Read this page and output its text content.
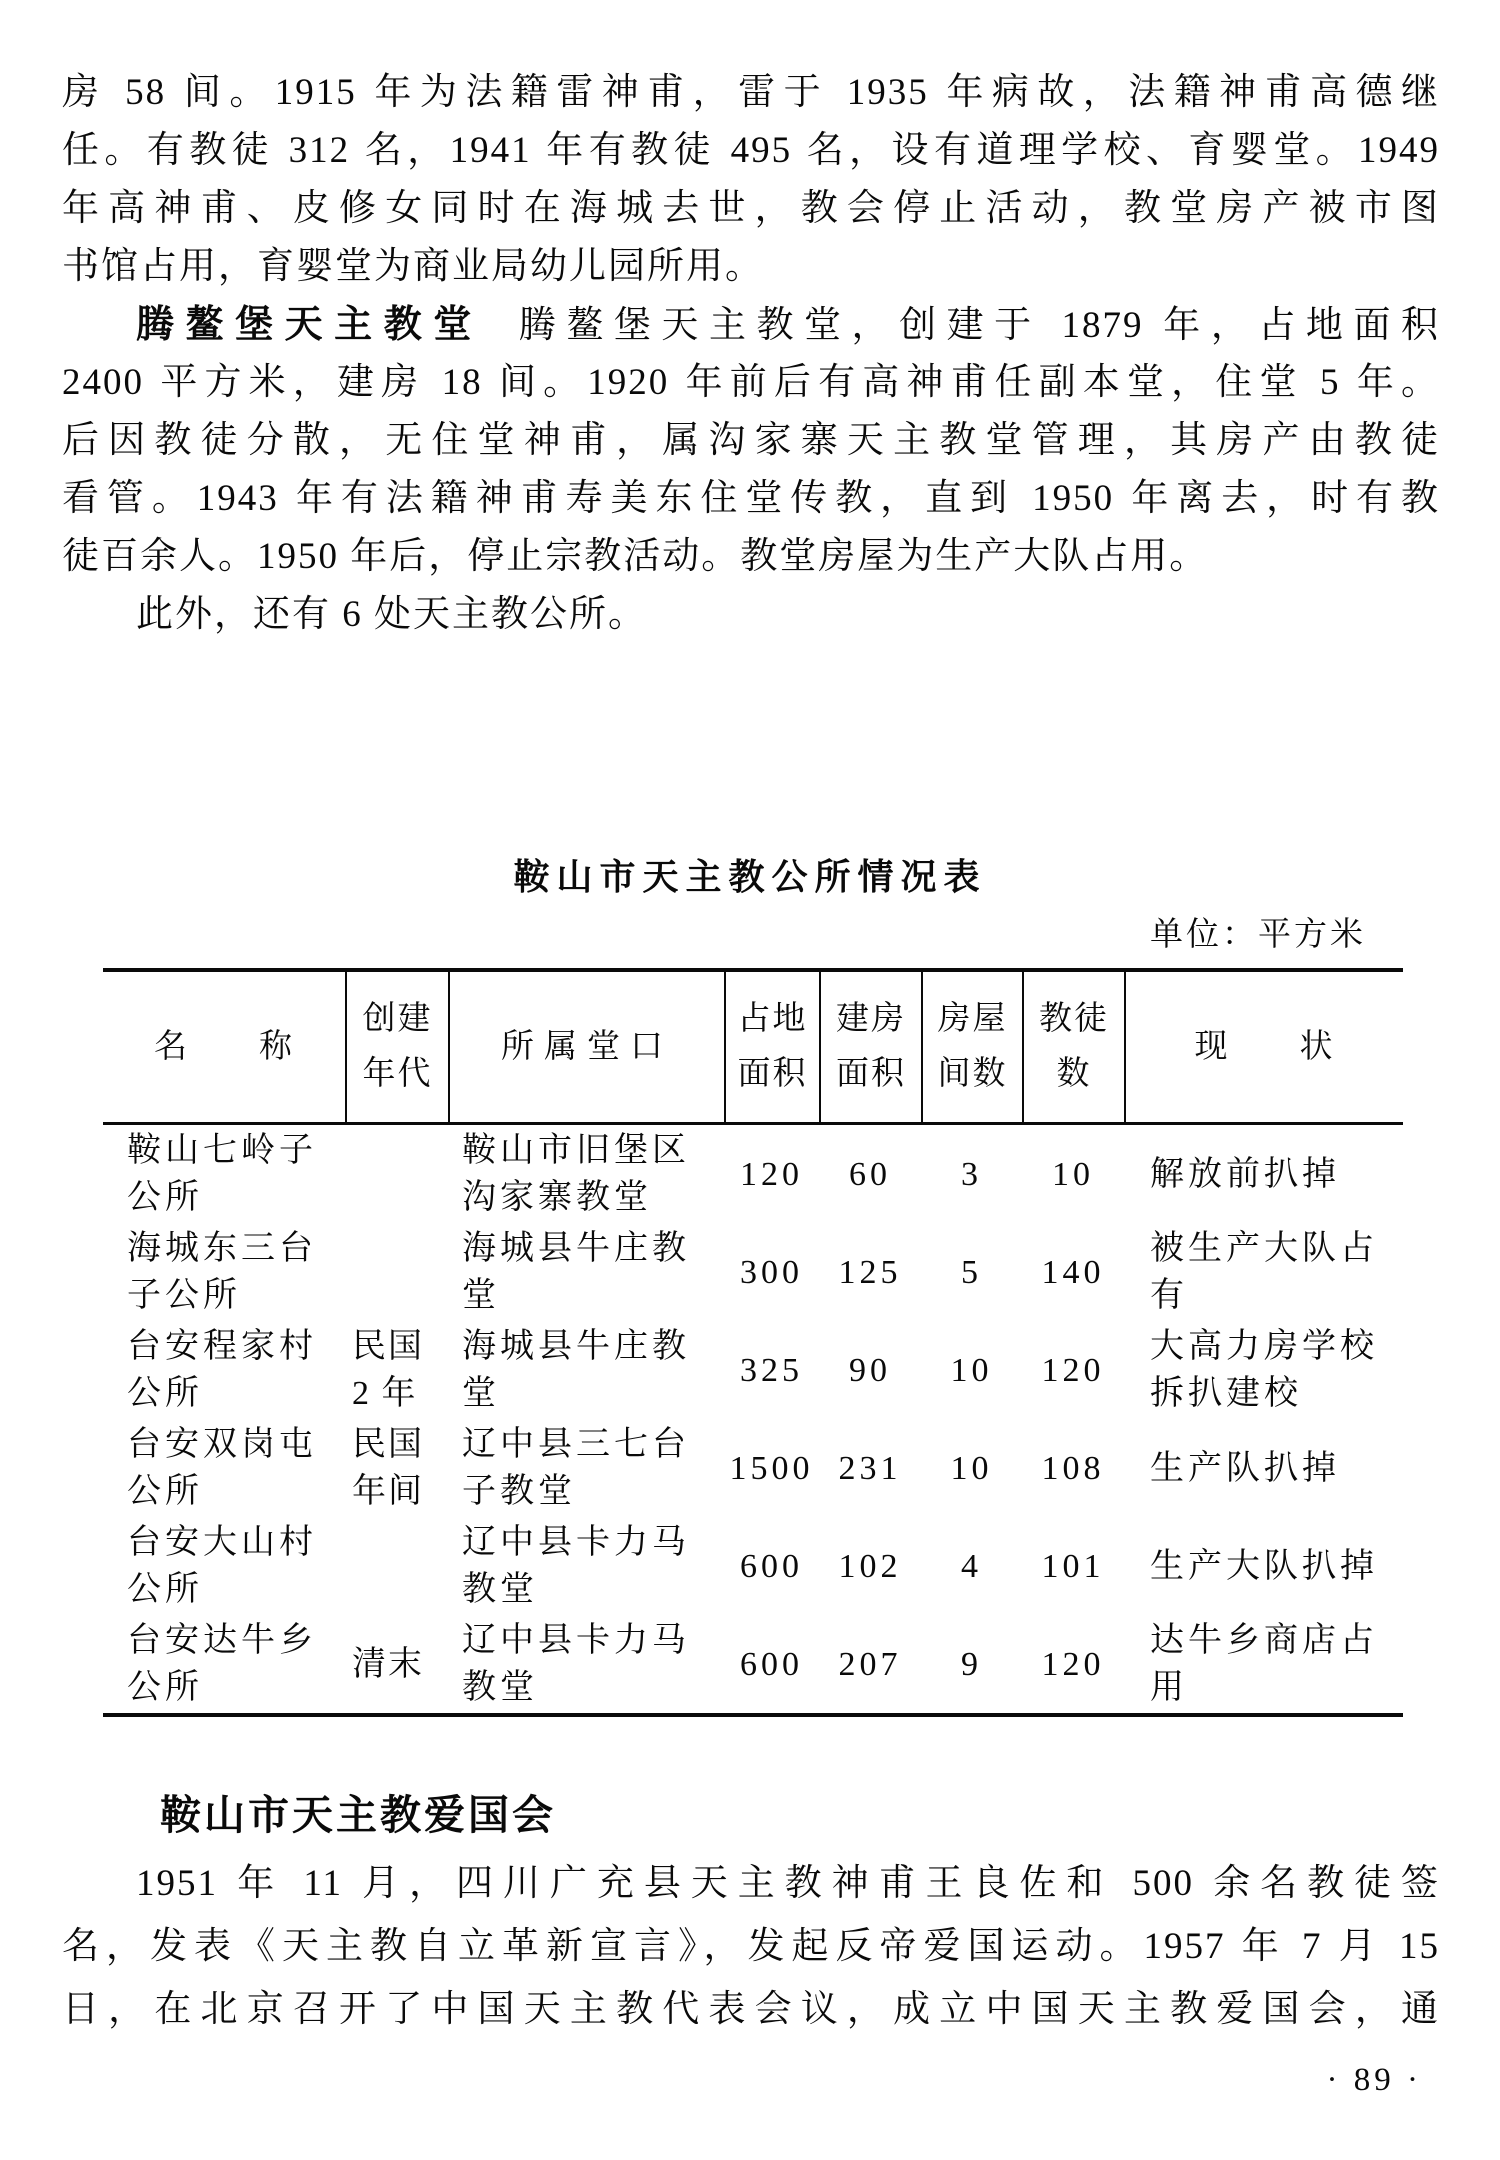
房 58 间。1915 年为法籍雷神甫，雷于 1935 年病故，法籍神甫高德继
任。有教徒 312 名，1941 年有教徒 495 名，设有道理学校、育婴堂。1949
年高神甫、皮修女同时在海城去世，教会停止活动，教堂房产被市图
书馆占用，育婴堂为商业局幼儿园所用。
腾鳌堡天主教堂 腾鳌堡天主教堂，创建于 1879 年，占地面积
2400 平方米，建房 18 间。1920 年前后有高神甫任副本堂，住堂 5 年。
后因教徒分散，无住堂神甫，属沟家寨天主教堂管理，其房产由教徒
看管。1943 年有法籍神甫寿美东住堂传教，直到 1950 年离去，时有教
徒百余人。1950 年后，停止宗教活动。教堂房屋为生产大队占用。
此外，还有 6 处天主教公所。
鞍山市天主教公所情况表
单位：平方米
名　　称
创建
年代
所属堂口
占地
面积
建房
面积
房屋
间数
教徒
数
现　　状
鞍山七岭子
公所
鞍山市旧堡区
沟家寨教堂
120 60 3 10 解放前扒掉
海城东三台
子公所
海城县牛庄教
堂
300 125 5 140
被生产大队占
有
台安程家村
公所
民国
2 年
海城县牛庄教
堂
325 90 10 120
大高力房学校
拆扒建校
台安双岗屯
公所
民国
年间
辽中县三七台
子教堂
1500 231 10 108 生产队扒掉
台安大山村
公所
辽中县卡力马
教堂
600 102 4 101 生产大队扒掉
台安达牛乡
公所
清末
辽中县卡力马
教堂
600 207 9 120
达牛乡商店占
用
鞍山市天主教爱国会
1951 年 11 月，四川广充县天主教神甫王良佐和 500 余名教徒签
名，发表《天主教自立革新宣言》，发起反帝爱国运动。1957 年 7 月 15
日，在北京召开了中国天主教代表会议，成立中国天主教爱国会，通
· 89 ·
